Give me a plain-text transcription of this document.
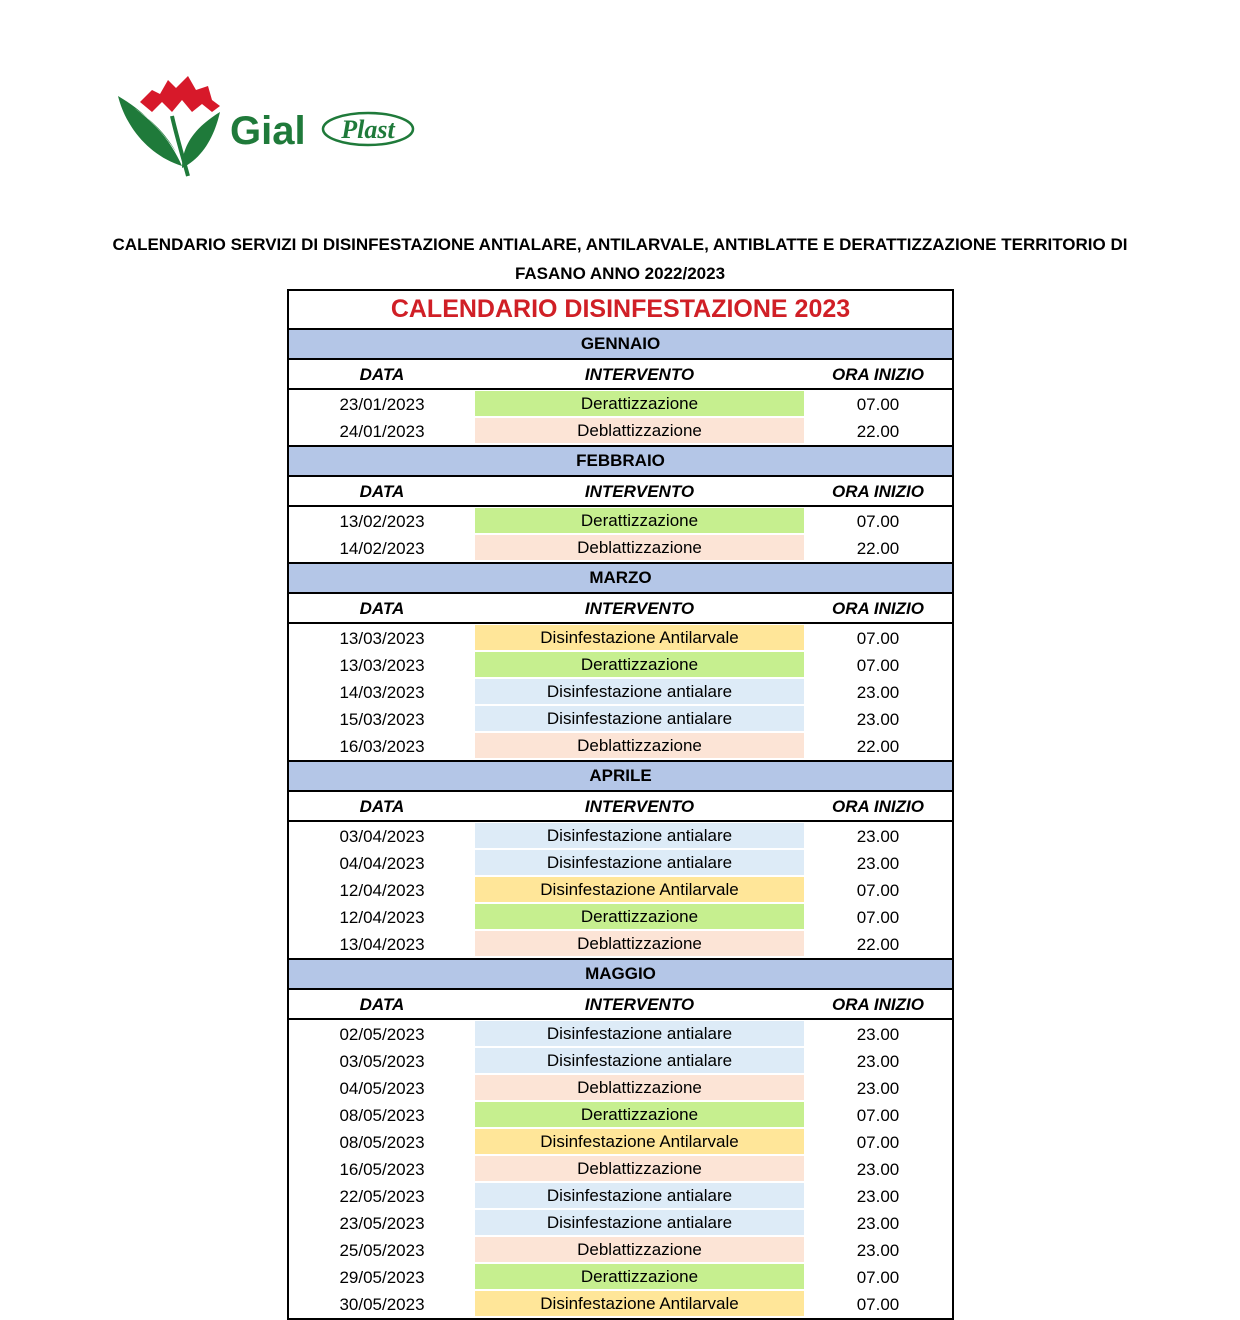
Gial Plast
CALENDARIO SERVIZI DI DISINFESTAZIONE ANTIALARE, ANTILARVALE, ANTIBLATTE E DERATTIZZAZIONE TERRITORIO DI
FASANO ANNO 2022/2023
CALENDARIO DISINFESTAZIONE 2023
GENNAIO
DATA	INTERVENTO	ORA INIZIO
23/01/2023	Derattizzazione	07.00
24/01/2023	Deblattizzazione	22.00
FEBBRAIO
DATA	INTERVENTO	ORA INIZIO
13/02/2023	Derattizzazione	07.00
14/02/2023	Deblattizzazione	22.00
MARZO
DATA	INTERVENTO	ORA INIZIO
13/03/2023	Disinfestazione Antilarvale	07.00
13/03/2023	Derattizzazione	07.00
14/03/2023	Disinfestazione antialare	23.00
15/03/2023	Disinfestazione antialare	23.00
16/03/2023	Deblattizzazione	22.00
APRILE
DATA	INTERVENTO	ORA INIZIO
03/04/2023	Disinfestazione antialare	23.00
04/04/2023	Disinfestazione antialare	23.00
12/04/2023	Disinfestazione Antilarvale	07.00
12/04/2023	Derattizzazione	07.00
13/04/2023	Deblattizzazione	22.00
MAGGIO
DATA	INTERVENTO	ORA INIZIO
02/05/2023	Disinfestazione antialare	23.00
03/05/2023	Disinfestazione antialare	23.00
04/05/2023	Deblattizzazione	23.00
08/05/2023	Derattizzazione	07.00
08/05/2023	Disinfestazione Antilarvale	07.00
16/05/2023	Deblattizzazione	23.00
22/05/2023	Disinfestazione antialare	23.00
23/05/2023	Disinfestazione antialare	23.00
25/05/2023	Deblattizzazione	23.00
29/05/2023	Derattizzazione	07.00
30/05/2023	Disinfestazione Antilarvale	07.00
